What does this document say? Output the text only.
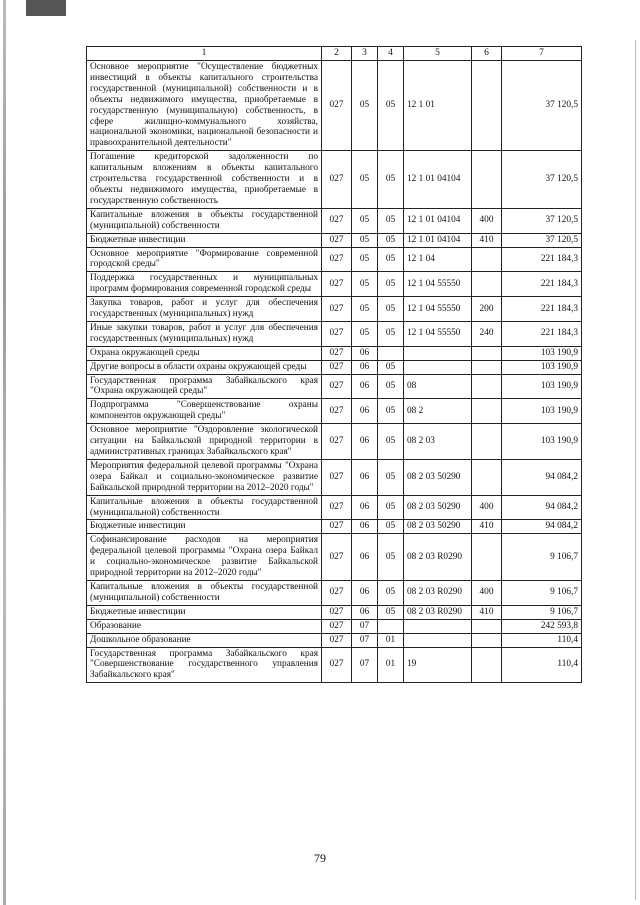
1	2	3	4	5	6	7
Основное мероприятие "Осуществление бюджетных инвестиций в объекты капитального строительства государственной (муниципальной) собственности и в объекты недвижимого имущества, приобретаемые в государственную (муниципальную) собственность, в сфере жилищно-коммунального хозяйства, национальной экономики, национальной безопасности и правоохранительной деятельности"	027	05	05	12 1 01		37 120,5
Погашение кредиторской задолженности по капитальным вложениям в объекты капитального строительства государственной собственности и в объекты недвижимого имущества, приобретаемые в государственную собственность	027	05	05	12 1 01 04104		37 120,5
Капитальные вложения в объекты государственной (муниципальной) собственности	027	05	05	12 1 01 04104	400	37 120,5
Бюджетные инвестиции	027	05	05	12 1 01 04104	410	37 120,5
Основное мероприятие "Формирование современной городской среды"	027	05	05	12 1 04		221 184,3
Поддержка государственных и муниципальных программ формирования современной городской среды	027	05	05	12 1 04 55550		221 184,3
Закупка товаров, работ и услуг для обеспечения государственных (муниципальных) нужд	027	05	05	12 1 04 55550	200	221 184,3
Иные закупки товаров, работ и услуг для обеспечения государственных (муниципальных) нужд	027	05	05	12 1 04 55550	240	221 184,3
Охрана окружающей среды	027	06				103 190,9
Другие вопросы в области охраны окружающей среды	027	06	05			103 190,9
Государственная программа Забайкальского края "Охрана окружающей среды"	027	06	05	08		103 190,9
Подпрограмма "Совершенствование охраны компонентов окружающей среды"	027	06	05	08 2		103 190,9
Основное мероприятие "Оздоровление экологической ситуации на Байкальской природной территории в административных границах Забайкальского края"	027	06	05	08 2 03		103 190,9
Мероприятия федеральной целевой программы "Охрана озера Байкал и социально-экономическое развитие Байкальской природной территории на 2012–2020 годы"	027	06	05	08 2 03 50290		94 084,2
Капитальные вложения в объекты государственной (муниципальной) собственности	027	06	05	08 2 03 50290	400	94 084,2
Бюджетные инвестиции	027	06	05	08 2 03 50290	410	94 084,2
Софинансирование расходов на мероприятия федеральной целевой программы "Охрана озера Байкал и социально-экономическое развитие Байкальской природной территории на 2012–2020 годы"	027	06	05	08 2 03 R0290		9 106,7
Капитальные вложения в объекты государственной (муниципальной) собственности	027	06	05	08 2 03 R0290	400	9 106,7
Бюджетные инвестиции	027	06	05	08 2 03 R0290	410	9 106,7
Образование	027	07				242 593,8
Дошкольное образование	027	07	01			110,4
Государственная программа Забайкальского края "Совершенствование государственного управления Забайкальского края"	027	07	01	19		110,4
79
